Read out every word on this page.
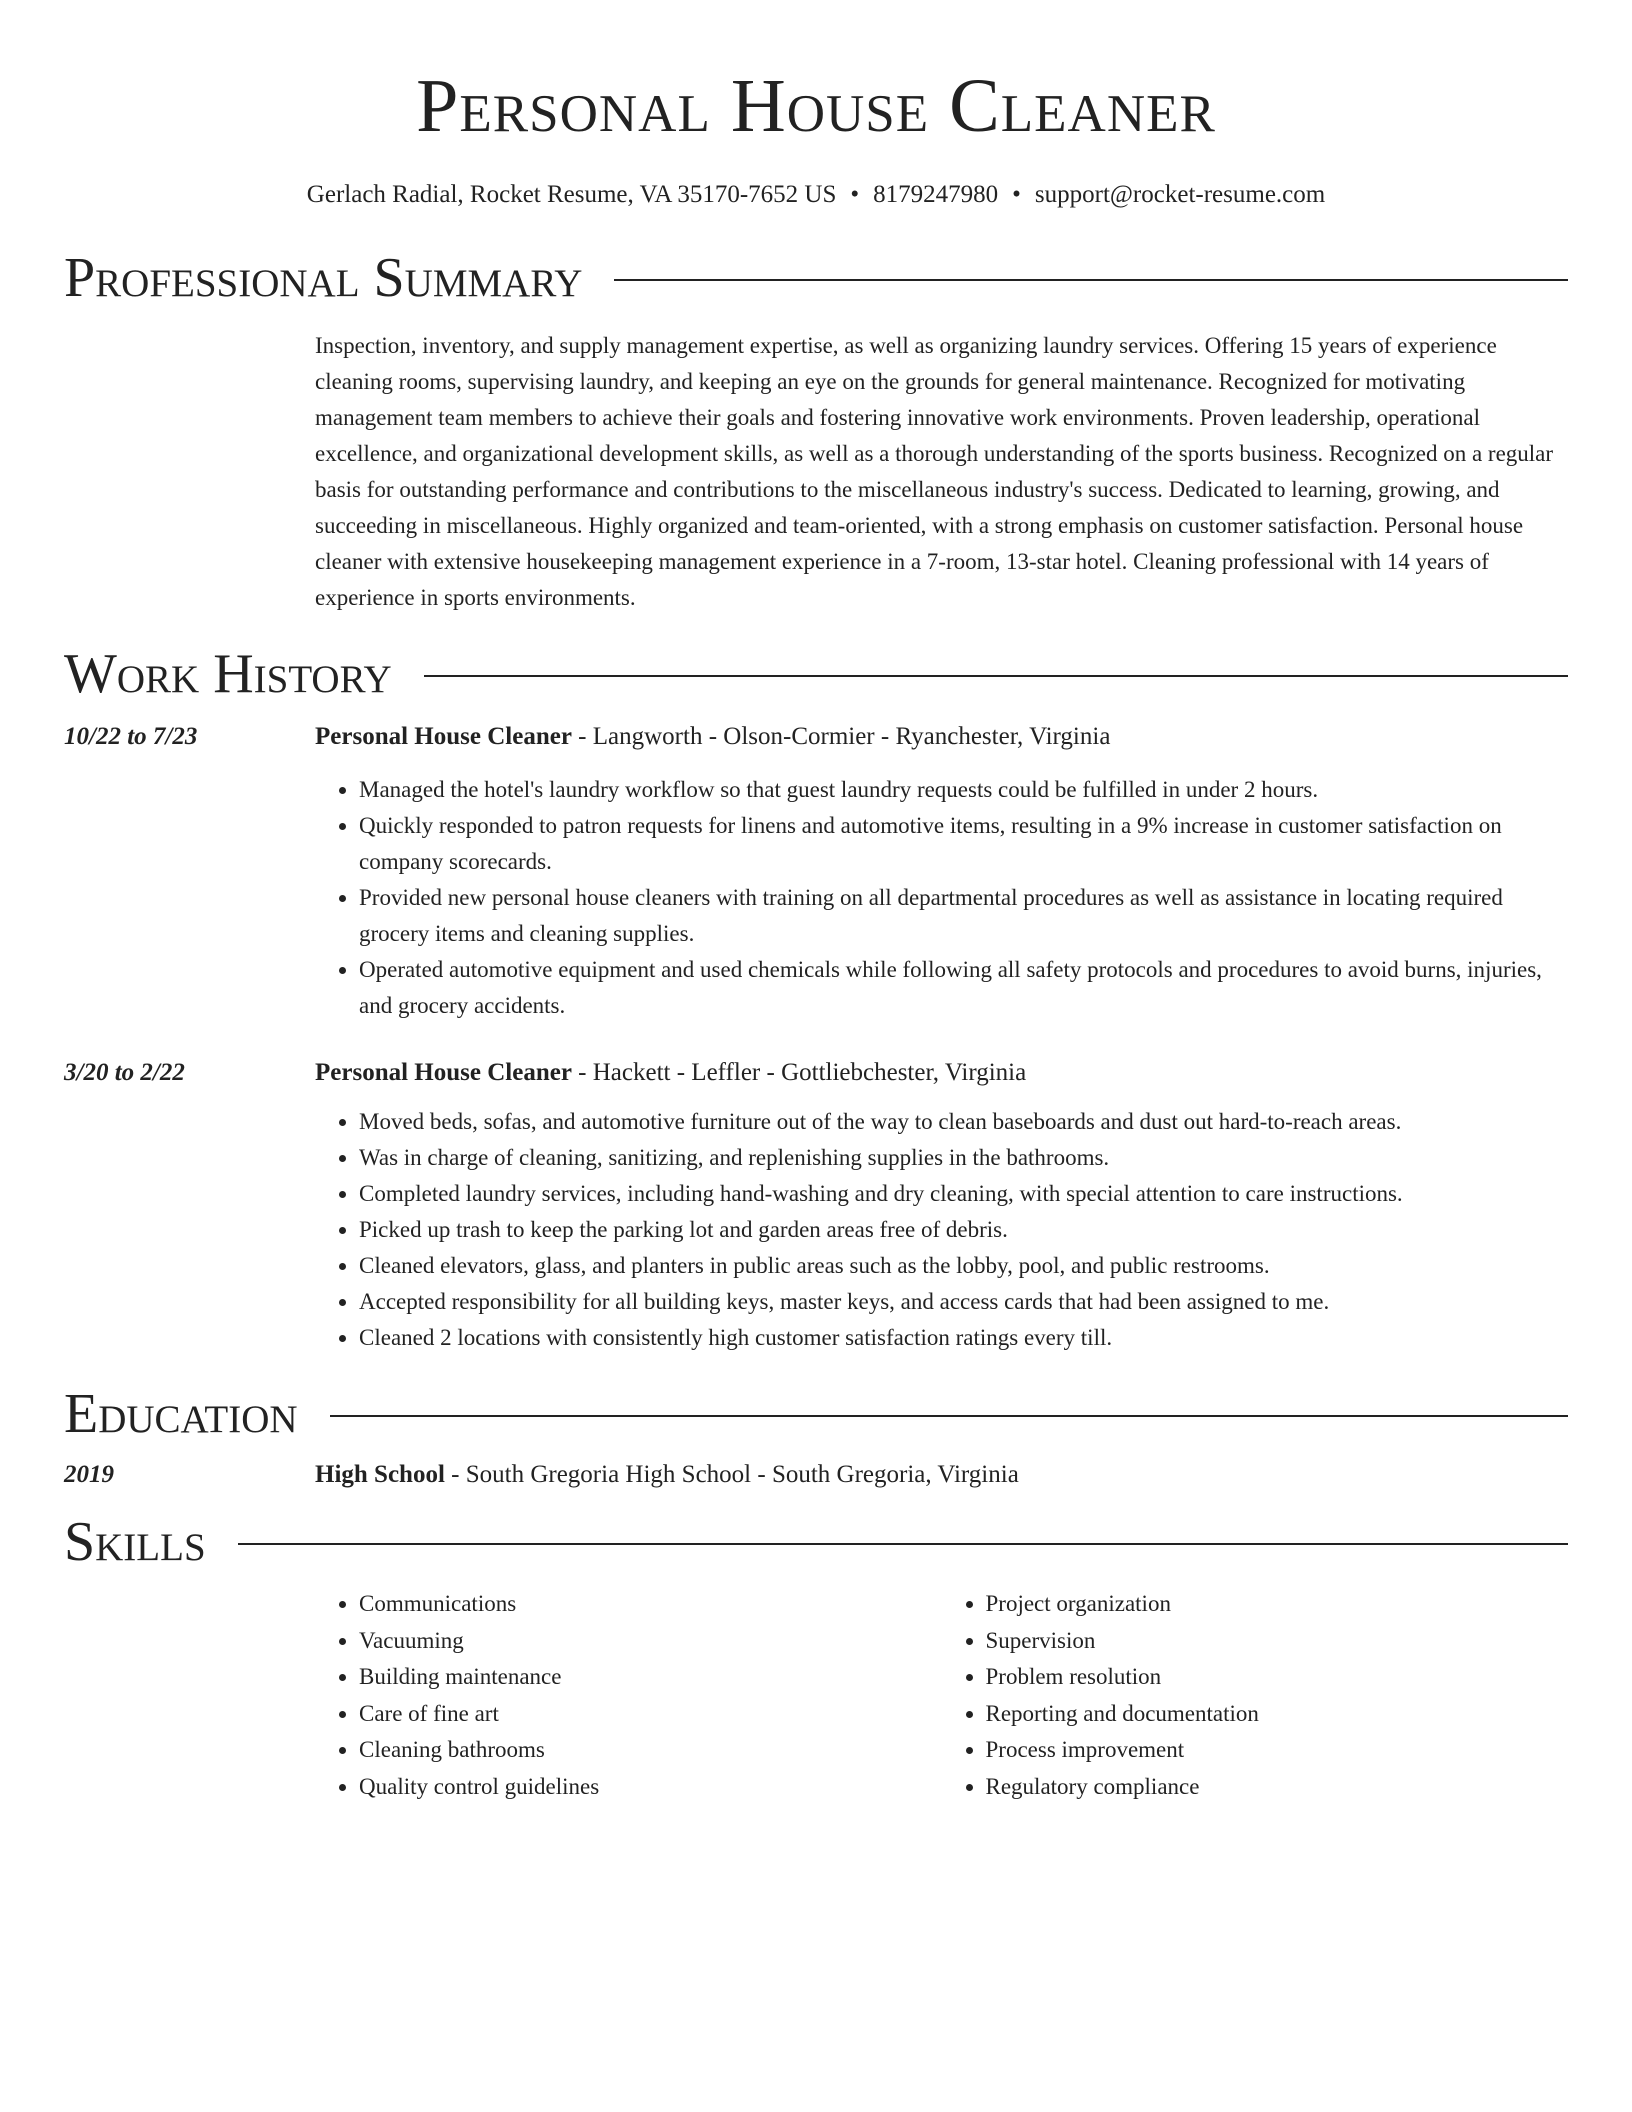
Personal House Cleaner
Gerlach Radial, Rocket Resume, VA 35170-7652 US • 8179247980 • support@rocket-resume.com
Professional Summary
Inspection, inventory, and supply management expertise, as well as organizing laundry services. Offering 15 years of experience cleaning rooms, supervising laundry, and keeping an eye on the grounds for general maintenance. Recognized for motivating management team members to achieve their goals and fostering innovative work environments. Proven leadership, operational excellence, and organizational development skills, as well as a thorough understanding of the sports business. Recognized on a regular basis for outstanding performance and contributions to the miscellaneous industry's success. Dedicated to learning, growing, and succeeding in miscellaneous. Highly organized and team-oriented, with a strong emphasis on customer satisfaction. Personal house cleaner with extensive housekeeping management experience in a 7-room, 13-star hotel. Cleaning professional with 14 years of experience in sports environments.
Work History
10/22 to 7/23	Personal House Cleaner - Langworth - Olson-Cormier - Ryanchester, Virginia
• Managed the hotel's laundry workflow so that guest laundry requests could be fulfilled in under 2 hours.
• Quickly responded to patron requests for linens and automotive items, resulting in a 9% increase in customer satisfaction on company scorecards.
• Provided new personal house cleaners with training on all departmental procedures as well as assistance in locating required grocery items and cleaning supplies.
• Operated automotive equipment and used chemicals while following all safety protocols and procedures to avoid burns, injuries, and grocery accidents.
3/20 to 2/22	Personal House Cleaner - Hackett - Leffler - Gottliebchester, Virginia
• Moved beds, sofas, and automotive furniture out of the way to clean baseboards and dust out hard-to-reach areas.
• Was in charge of cleaning, sanitizing, and replenishing supplies in the bathrooms.
• Completed laundry services, including hand-washing and dry cleaning, with special attention to care instructions.
• Picked up trash to keep the parking lot and garden areas free of debris.
• Cleaned elevators, glass, and planters in public areas such as the lobby, pool, and public restrooms.
• Accepted responsibility for all building keys, master keys, and access cards that had been assigned to me.
• Cleaned 2 locations with consistently high customer satisfaction ratings every till.
Education
2019	High School - South Gregoria High School - South Gregoria, Virginia
Skills
• Communications
• Vacuuming
• Building maintenance
• Care of fine art
• Cleaning bathrooms
• Quality control guidelines
• Project organization
• Supervision
• Problem resolution
• Reporting and documentation
• Process improvement
• Regulatory compliance
